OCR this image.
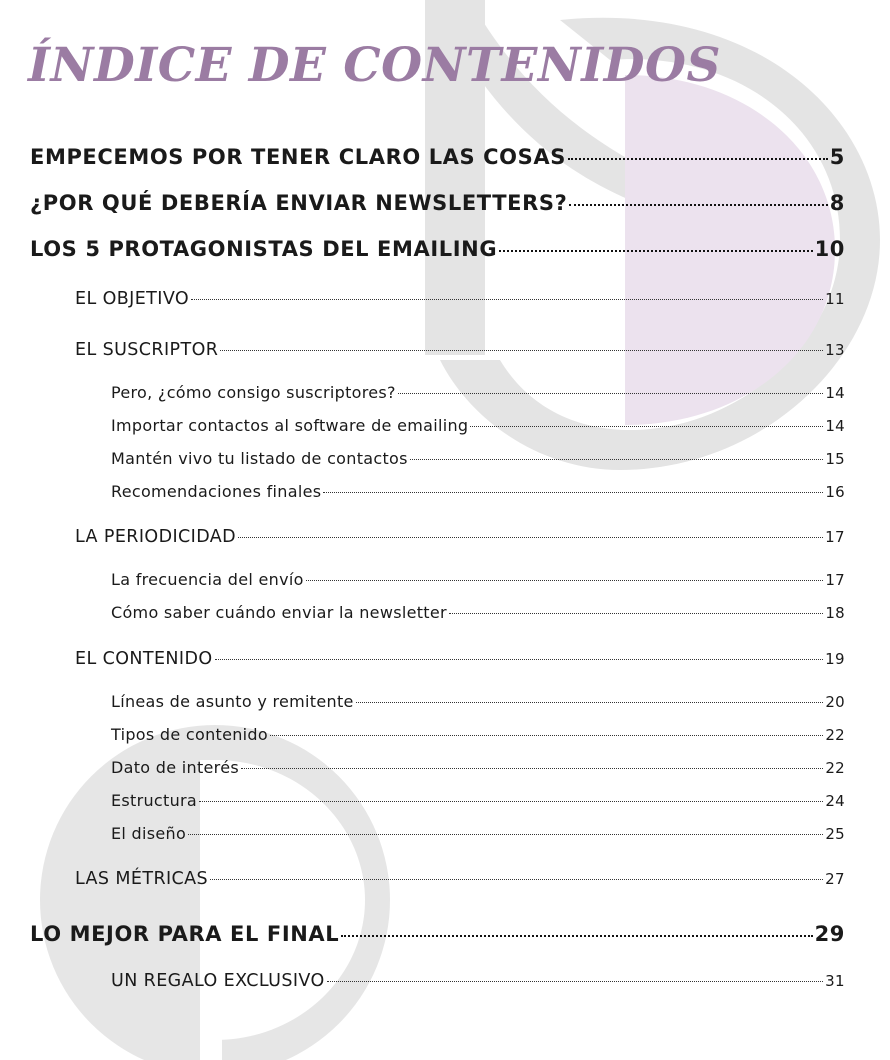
ÍNDICE DE CONTENIDOS
EMPECEMOS POR TENER CLARO LAS COSAS	5
¿POR QUÉ DEBERÍA ENVIAR NEWSLETTERS?	8
LOS 5 PROTAGONISTAS DEL EMAILING	10
EL OBJETIVO	11
EL SUSCRIPTOR	13
Pero, ¿cómo consigo suscriptores?	14
Importar contactos al software de emailing	14
Mantén vivo tu listado de contactos	15
Recomendaciones finales	16
LA PERIODICIDAD	17
La frecuencia del envío	17
Cómo saber cuándo enviar la newsletter	18
EL CONTENIDO	19
Líneas de asunto y remitente	20
Tipos de contenido	22
Dato de interés	22
Estructura	24
El diseño	25
LAS MÉTRICAS	27
LO MEJOR PARA EL FINAL	29
UN REGALO EXCLUSIVO	31
